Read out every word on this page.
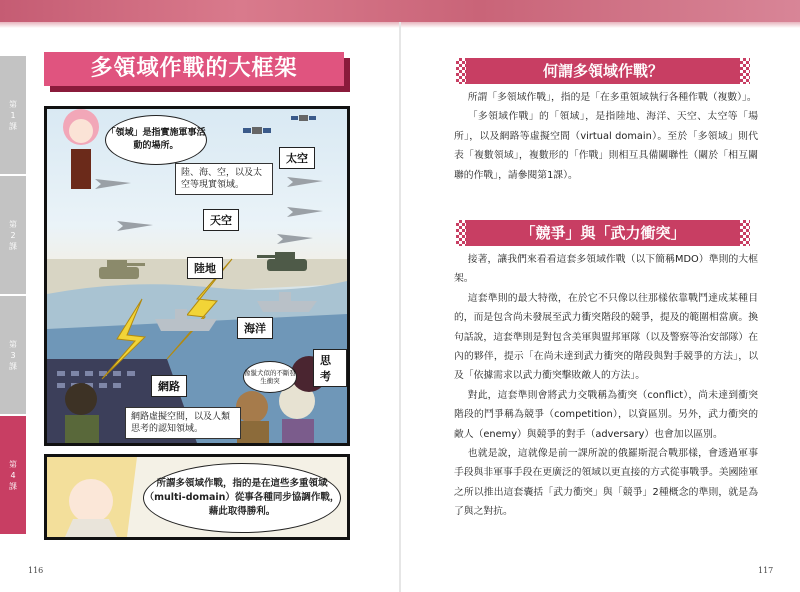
第1課
第2課
第3課
第4課
多領域作戰的大框架
「領域」是指實施軍事活動的場所。
陸、海、空，以及太空等現實領域。
太空
天空
陸地
海洋
思考
網路
像鬣犬似的不斷發生衝突
網路虛擬空間，以及人類思考的認知領域。
所謂多領域作戰，指的是在這些多重領域（multi-domain）從事各種同步協調作戰，藉此取得勝利。
116
何謂多領域作戰？

所謂「多領域作戰」，指的是「在多重領域執行各種作戰（複數）」。

「多領域作戰」的「領域」，是指陸地、海洋、天空、太空等「場所」，以及網路等虛擬空間（virtual domain）。至於「多領域」則代表「複數領域」，複數形的「作戰」則相互具備關聯性（關於「相互關聯的作戰」，請參閱第1課）。

「競爭」與「武力衝突」

接著，讓我們來看看這套多領域作戰（以下簡稱MDO）準則的大框架。

這套準則的最大特徵，在於它不只像以往那樣依靠戰鬥達成某種目的，而是包含尚未發展至武力衝突階段的競爭，提及的範圍相當廣。換句話說，這套準則是對包含美軍與盟邦軍隊（以及警察等治安部隊）在內的夥伴，提示「在尚未達到武力衝突的階段與對手競爭的方法」，以及「依據需求以武力衝突擊敗敵人的方法」。

對此，這套準則會將武力交戰稱為衝突（conflict），尚未達到衝突階段的鬥爭稱為競爭（competition），以資區別。另外，武力衝突的敵人（enemy）與競爭的對手（adversary）也會加以區別。

也就是說，這就像是前一課所說的俄羅斯混合戰那樣，會透過軍事手段與非軍事手段在更廣泛的領域以更直接的方式從事戰爭。美國陸軍之所以推出這套囊括「武力衝突」與「競爭」2種概念的準則，就是為了與之對抗。

117
